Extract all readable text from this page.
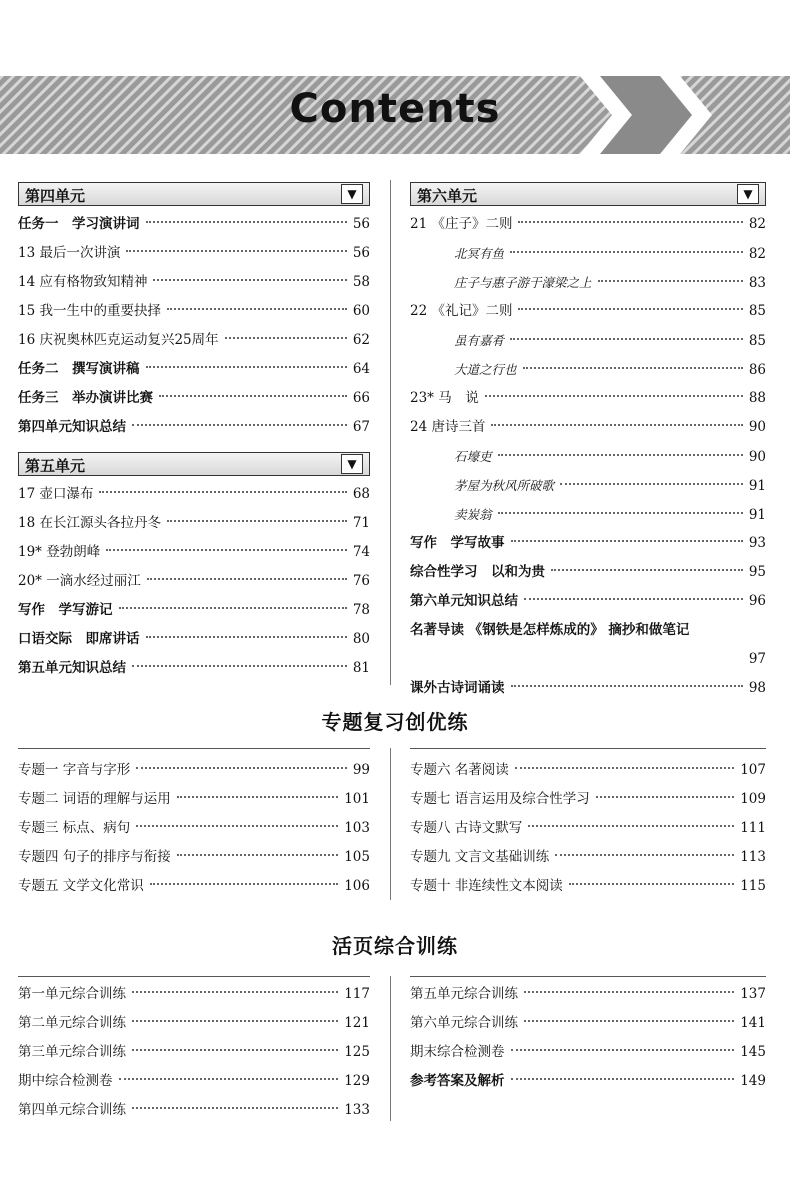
Contents
第四单元	▼
任务一　学习演讲词	56
13 最后一次讲演	56
14 应有格物致知精神	58
15 我一生中的重要抉择	60
16 庆祝奥林匹克运动复兴25周年	62
任务二　撰写演讲稿	64
任务三　举办演讲比赛	66
第四单元知识总结	67
第五单元	▼
17 壶口瀑布	68
18 在长江源头各拉丹冬	71
19* 登勃朗峰	74
20* 一滴水经过丽江	76
写作　学写游记	78
口语交际　即席讲话	80
第五单元知识总结	81
第六单元	▼
21 《庄子》二则	82
北冥有鱼	82
庄子与惠子游于濠梁之上	83
22 《礼记》二则	85
虽有嘉肴	85
大道之行也	86
23* 马　说	88
24 唐诗三首	90
石壕吏	90
茅屋为秋风所破歌	91
卖炭翁	91
写作　学写故事	93
综合性学习　以和为贵	95
第六单元知识总结	96
名著导读 《钢铁是怎样炼成的》 摘抄和做笔记
97
课外古诗词诵读	98
专题复习创优练
专题一 字音与字形	99
专题二 词语的理解与运用	101
专题三 标点、病句	103
专题四 句子的排序与衔接	105
专题五 文学文化常识	106
专题六 名著阅读	107
专题七 语言运用及综合性学习	109
专题八 古诗文默写	111
专题九 文言文基础训练	113
专题十 非连续性文本阅读	115
活页综合训练
第一单元综合训练	117
第二单元综合训练	121
第三单元综合训练	125
期中综合检测卷	129
第四单元综合训练	133
第五单元综合训练	137
第六单元综合训练	141
期末综合检测卷	145
参考答案及解析	149
